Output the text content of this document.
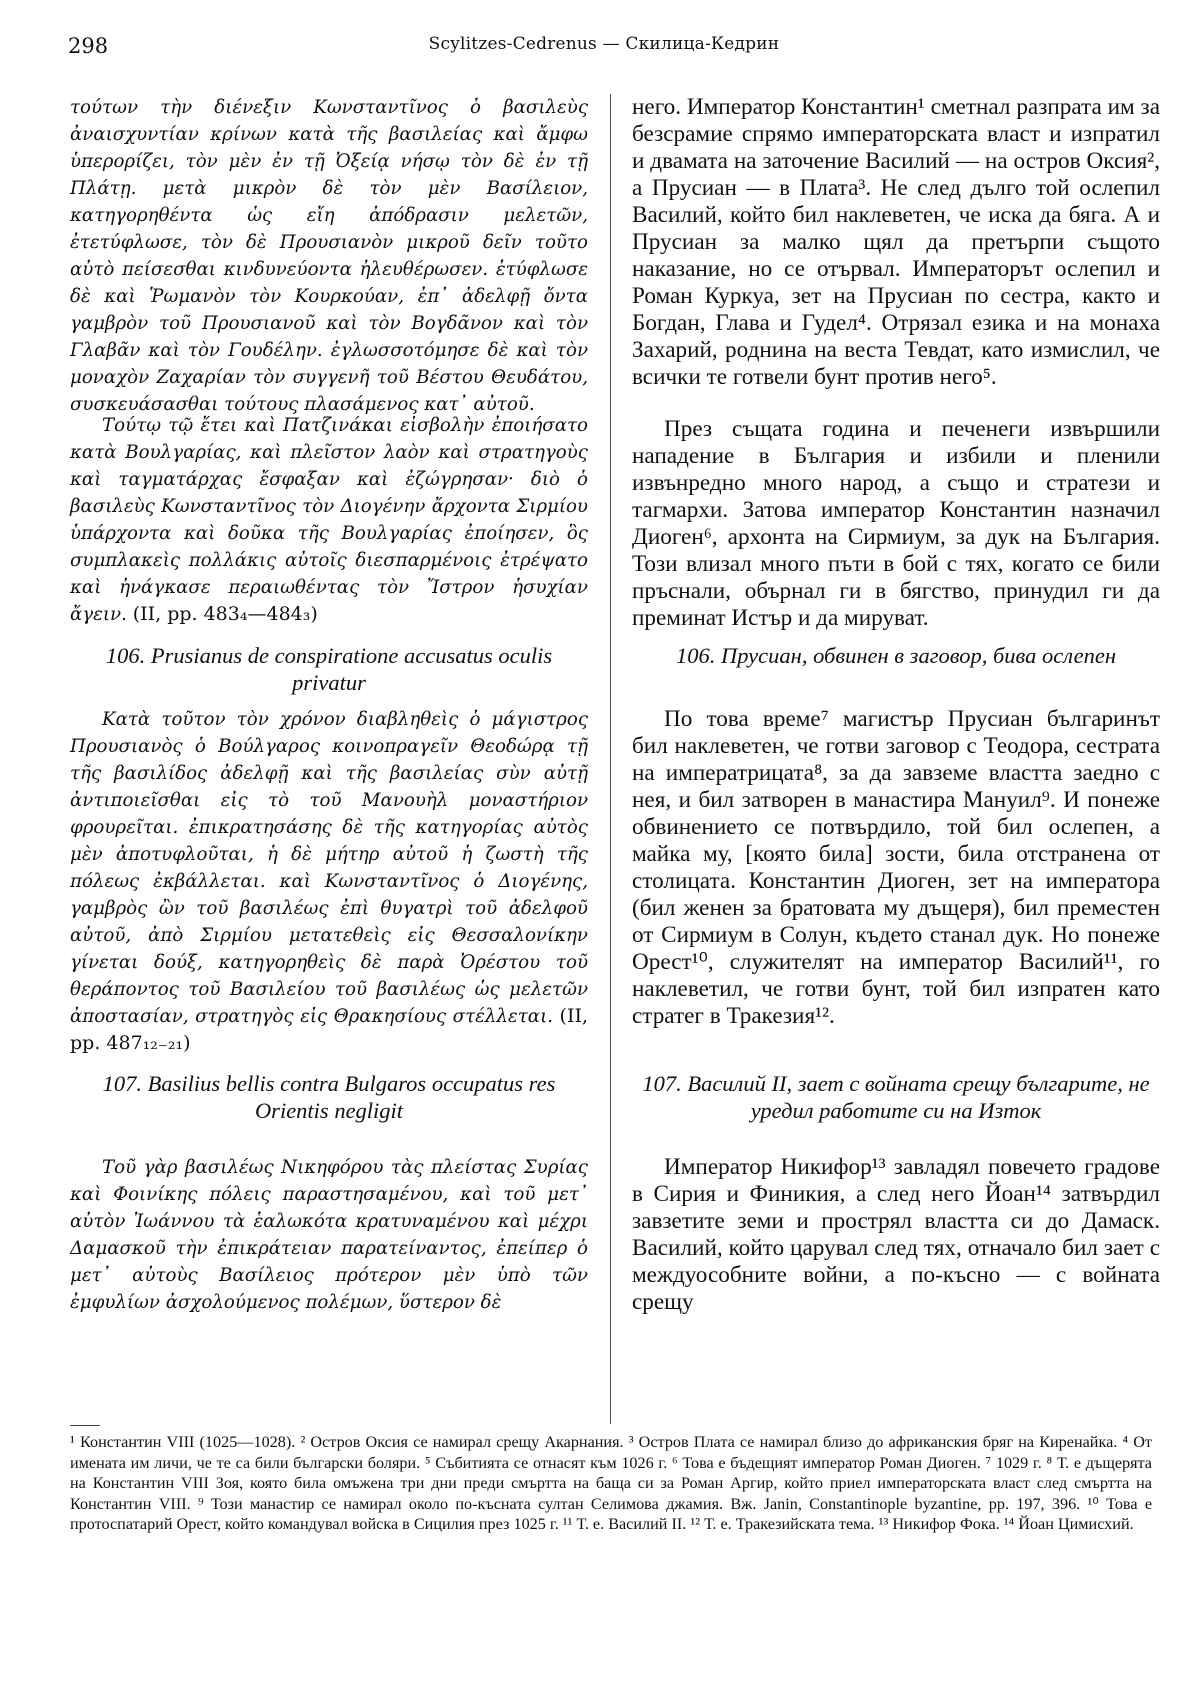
298	Scylitzes-Cedrenus — Скилица-Кедрин

τούτων τὴν διένεξιν Κωνσταντῖνος ὁ βασιλεὺς ἀναισχυντίαν κρίνων κατὰ τῆς βασιλείας καὶ ἄμφω ὑπερορίζει, τὸν μὲν ἐν τῇ Ὀξείᾳ νήσῳ τὸν δὲ ἐν τῇ Πλάτῃ. μετὰ μικρὸν δὲ τὸν μὲν Βασίλειον, κατηγορηθέντα ὡς εἴη ἀπόδρασιν μελετῶν, ἐτετύφλωσε, τὸν δὲ Προυσιανὸν μικροῦ δεῖν τοῦτο αὐτὸ πείσεσθαι κινδυνεύοντα ἠλευθέρωσεν. ἐτύφλωσε δὲ καὶ Ῥωμανὸν τὸν Κουρκούαν, ἐπ᾽ ἀδελφῇ ὄντα γαμβρὸν τοῦ Προυσιανοῦ καὶ τὸν Βογδᾶνον καὶ τὸν Γλαβᾶν καὶ τὸν Γουδέλην. ἐγλωσσοτόμησε δὲ καὶ τὸν μοναχὸν Ζαχαρίαν τὸν συγγενῆ τοῦ Βέστου Θευδάτου, συσκευάσασθαι τούτους πλασάμενος κατ᾽ αὐτοῦ.

Τούτῳ τῷ ἔτει καὶ Πατζινάκαι εἰσβολὴν ἐποιήσατο κατὰ Βουλγαρίας, καὶ πλεῖστον λαὸν καὶ στρατηγοὺς καὶ ταγματάρχας ἔσφαξαν καὶ ἐζώγρησαν· διὸ ὁ βασιλεὺς Κωνσταντῖνος τὸν Διογένην ἄρχοντα Σιρμίου ὑπάρχοντα καὶ δοῦκα τῆς Βουλγαρίας ἐποίησεν, ὃς συμπλακεὶς πολλάκις αὐτοῖς διεσπαρμένοις ἐτρέψατο καὶ ἠνάγκασε περαιωθέντας τὸν Ἴστρον ἡσυχίαν ἄγειν. (II, pp. 483₄—484₃)

106. Prusianus de conspiratione accusatus oculis privatur

Κατὰ τοῦτον τὸν χρόνον διαβληθεὶς ὁ μάγιστρος Προυσιανὸς ὁ Βούλγαρος κοινοπραγεῖν Θεοδώρᾳ τῇ τῆς βασιλίδος ἀδελφῇ καὶ τῆς βασιλείας σὺν αὐτῇ ἀντιποιεῖσθαι εἰς τὸ τοῦ Μανουὴλ μοναστήριον φρουρεῖται. ἐπικρατησάσης δὲ τῆς κατηγορίας αὐτὸς μὲν ἀποτυφλοῦται, ἡ δὲ μήτηρ αὐτοῦ ἡ ζωστὴ τῆς πόλεως ἐκβάλλεται. καὶ Κωνσταντῖνος ὁ Διογένης, γαμβρὸς ὢν τοῦ βασιλέως ἐπὶ θυγατρὶ τοῦ ἀδελφοῦ αὐτοῦ, ἀπὸ Σιρμίου μετατεθεὶς εἰς Θεσσαλονίκην γίνεται δούξ, κατηγορηθεὶς δὲ παρὰ Ὀρέστου τοῦ θεράποντος τοῦ Βασιλείου τοῦ βασιλέως ὡς μελετῶν ἀποστασίαν, στρατηγὸς εἰς Θρακησίους στέλλεται. (II, pp. 487₁₂₋₂₁)

107. Basilius bellis contra Bulgaros occupatus res Orientis negligit

Τοῦ γὰρ βασιλέως Νικηφόρου τὰς πλείστας Συρίας καὶ Φοινίκης πόλεις παραστησαμένου, καὶ τοῦ μετ᾽ αὐτὸν Ἰωάννου τὰ ἑαλωκότα κρατυναμένου καὶ μέχρι Δαμασκοῦ τὴν ἐπικράτειαν παρατείναντος, ἐπείπερ ὁ μετ᾽ αὐτοὺς Βασίλειος πρότερον μὲν ὑπὸ τῶν ἐμφυλίων ἀσχολούμενος πολέμων, ὕστερον δὲ

него. Император Константин¹ сметнал разпрата им за безсрамие спрямо императорската власт и изпратил и двамата на заточение Василий — на остров Оксия², а Прусиан — в Плата³. Не след дълго той ослепил Василий, който бил наклеветен, че иска да бяга. А и Прусиан за малко щял да претърпи същото наказание, но се отървал. Императорът ослепил и Роман Куркуа, зет на Прусиан по сестра, както и Богдан, Глава и Гудел⁴. Отрязал езика и на монаха Захарий, роднина на веста Тевдат, като измислил, че всички те готвели бунт против него⁵.

През същата година и печенеги извършили нападение в България и избили и пленили извънредно много народ, а също и стратези и тагмархи. Затова император Константин назначил Диоген⁶, архонта на Сирмиум, за дук на България. Този влизал много пъти в бой с тях, когато се били пръснали, обърнал ги в бягство, принудил ги да преминат Истър и да мируват.

106. Прусиан, обвинен в заговор, бива ослепен

По това време⁷ магистър Прусиан българинът бил наклеветен, че готви заговор с Теодора, сестрата на императрицата⁸, за да завземе властта заедно с нея, и бил затворен в манастира Мануил⁹. И понеже обвинението се потвърдило, той бил ослепен, а майка му, [която била] зости, била отстранена от столицата. Константин Диоген, зет на императора (бил женен за братовата му дъщеря), бил преместен от Сирмиум в Солун, където станал дук. Но понеже Орест¹⁰, служителят на император Василий¹¹, го наклеветил, че готви бунт, той бил изпратен като стратег в Тракезия¹².

107. Василий II, зает с войната срещу българите, не уредил работите си на Изток

Император Никифор¹³ завладял повечето градове в Сирия и Финикия, а след него Йоан¹⁴ затвърдил завзетите земи и прострял властта си до Дамаск. Василий, който царувал след тях, отначало бил зает с междуособните войни, а по-късно — с войната срещу

¹ Константин VIII (1025—1028). ² Остров Оксия се намирал срещу Акарнания. ³ Остров Плата се намирал близо до африканския бряг на Киренайка. ⁴ От имената им личи, че те са били български боляри. ⁵ Събитията се отнасят към 1026 г. ⁶ Това е бъдещият император Роман Диоген. ⁷ 1029 г. ⁸ Т. е дъщерята на Константин VIII Зоя, която била омъжена три дни преди смъртта на баща си за Роман Аргир, който приел императорската власт след смъртта на Константин VIII. ⁹ Този манастир се намирал около по-късната султан Селимова джамия. Вж. Janin, Constantinople byzantine, pp. 197, 396. ¹⁰ Това е протоспатарий Орест, който командувал войска в Сицилия през 1025 г. ¹¹ Т. е. Василий II. ¹² Т. е. Тракезийската тема. ¹³ Никифор Фока. ¹⁴ Йоан Цимисхий.
